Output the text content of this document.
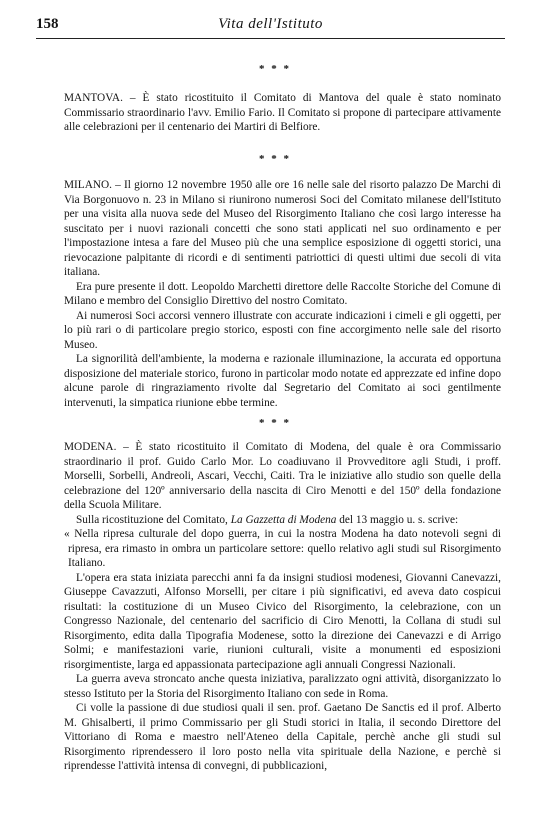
158	Vita dell'Istituto
* * *

MANTOVA. – È stato ricostituito il Comitato di Mantova del quale è stato nominato Commissario straordinario l'avv. Emilio Fario. Il Comitato si propone di partecipare attivamente alle celebrazioni per il centenario dei Martiri di Belfiore.

* * *

MILANO. – Il giorno 12 novembre 1950 alle ore 16 nelle sale del risorto palazzo De Marchi di Via Borgonuovo n. 23 in Milano si riunirono numerosi Soci del Comitato milanese dell'Istituto per una visita alla nuova sede del Museo del Risorgimento Italiano che così largo interesse ha suscitato per i nuovi razionali concetti che sono stati applicati nel suo ordinamento e per l'impostazione intesa a fare del Museo più che una semplice esposizione di oggetti storici, una rievocazione palpitante di ricordi e di sentimenti patriottici di questi ultimi due secoli di vita italiana.

Era pure presente il dott. Leopoldo Marchetti direttore delle Raccolte Storiche del Comune di Milano e membro del Consiglio Direttivo del nostro Comitato.

Ai numerosi Soci accorsi vennero illustrate con accurate indicazioni i cimeli e gli oggetti, per lo più rari o di particolare pregio storico, esposti con fine accorgimento nelle sale del risorto Museo.

La signorilità dell'ambiente, la moderna e razionale illuminazione, la accurata ed opportuna disposizione del materiale storico, furono in particolar modo notate ed apprezzate ed infine dopo alcune parole di ringraziamento rivolte dal Segretario del Comitato ai soci gentilmente intervenuti, la simpatica riunione ebbe termine.

* * *

MODENA. – È stato ricostituito il Comitato di Modena, del quale è ora Commissario straordinario il prof. Guido Carlo Mor. Lo coadiuvano il Provveditore agli Studi, i proff. Morselli, Sorbelli, Andreoli, Ascari, Vecchi, Caiti. Tra le iniziative allo studio son quelle della celebrazione del 120º anniversario della nascita di Ciro Menotti e del 150º della fondazione della Scuola Militare.

Sulla ricostituzione del Comitato, La Gazzetta di Modena del 13 maggio u. s. scrive:

« Nella ripresa culturale del dopo guerra, in cui la nostra Modena ha dato notevoli segni di ripresa, era rimasto in ombra un particolare settore: quello relativo agli studi sul Risorgimento Italiano.

L'opera era stata iniziata parecchi anni fa da insigni studiosi modenesi, Giovanni Canevazzi, Giuseppe Cavazzuti, Alfonso Morselli, per citare i più significativi, ed aveva dato cospicui risultati: la costituzione di un Museo Civico del Risorgimento, la celebrazione, con un Congresso Nazionale, del centenario del sacrificio di Ciro Menotti, la Collana di studi sul Risorgimento, edita dalla Tipografia Modenese, sotto la direzione dei Canevazzi e di Arrigo Solmi; e manifestazioni varie, riunioni culturali, visite a monumenti ed esposizioni risorgimentiste, larga ed appassionata partecipazione agli annuali Congressi Nazionali.

La guerra aveva stroncato anche questa iniziativa, paralizzato ogni attività, disorganizzato lo stesso Istituto per la Storia del Risorgimento Italiano con sede in Roma.

Ci volle la passione di due studiosi quali il sen. prof. Gaetano De Sanctis ed il prof. Alberto M. Ghisalberti, il primo Commissario per gli Studi storici in Italia, il secondo Direttore del Vittoriano di Roma e maestro nell'Ateneo della Capitale, perchè anche gli studi sul Risorgimento riprendessero il loro posto nella vita spirituale della Nazione, e perchè si riprendesse l'attività intensa di convegni, di pubblicazioni,
